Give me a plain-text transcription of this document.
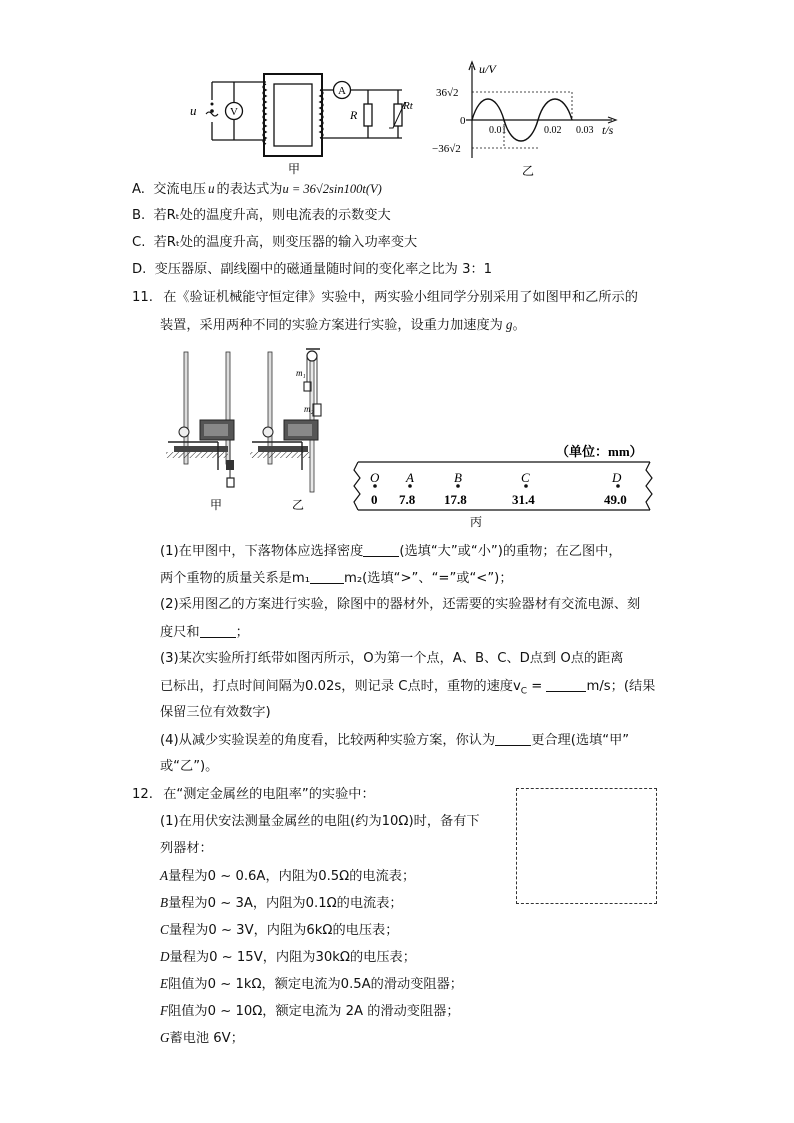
u	V
A
R
Rt
甲
u/V
t/s
36√2
0
−36√2
0.01	0.02 0.03
乙
A. 交流电压 u 的表达式为u = 36√2sin100t(V)
B. 若Rₜ处的温度升高，则电流表的示数变大
C. 若Rₜ处的温度升高，则变压器的输入功率变大
D. 变压器原、副线圈中的磁通量随时间的变化率之比为 3：1
11. 在《验证机械能守恒定律》实验中，两实验小组同学分别采用了如图甲和乙所示的
装置，采用两种不同的实验方案进行实验，设重力加速度为 g。
m₁
m₂
甲	乙
（单位：mm）
O A	B	C	D
0 7.8 17.8	31.4	49.0
丙
(1)在甲图中，下落物体应选择密度	(选填“大”或“小”)的重物；在乙图中，
两个重物的质量关系是m₁	m₂(选填“>”、“=”或“<”)；
(2)采用图乙的方案进行实验，除图中的器材外，还需要的实验器材有交流电源、刻
度尺和	；
(3)某次实验所打纸带如图丙所示，O为第一个点，A、B、C、D点到 O点的距离
已标出，打点时间间隔为0.02s，则记录 C点时，重物的速度$v_C$ =	m/s；(结果
保留三位有效数字)
(4)从减少实验误差的角度看，比较两种实验方案，你认为	更合理(选填“甲”
或“乙”)。
12. 在“测定金属丝的电阻率”的实验中：
(1)在用伏安法测量金属丝的电阻(约为10Ω)时，备有下
列器材：
A量程为0 ~ 0.6A，内阻为0.5Ω的电流表；
B量程为0 ~ 3A，内阻为0.1Ω的电流表；
C量程为0 ~ 3V，内阻为6kΩ的电压表；
D量程为0 ~ 15V，内阻为30kΩ的电压表；
E阻值为0 ~ 1kΩ，额定电流为0.5A的滑动变阻器；
F阻值为0 ~ 10Ω，额定电流为 2A 的滑动变阻器；
G蓄电池 6V；
